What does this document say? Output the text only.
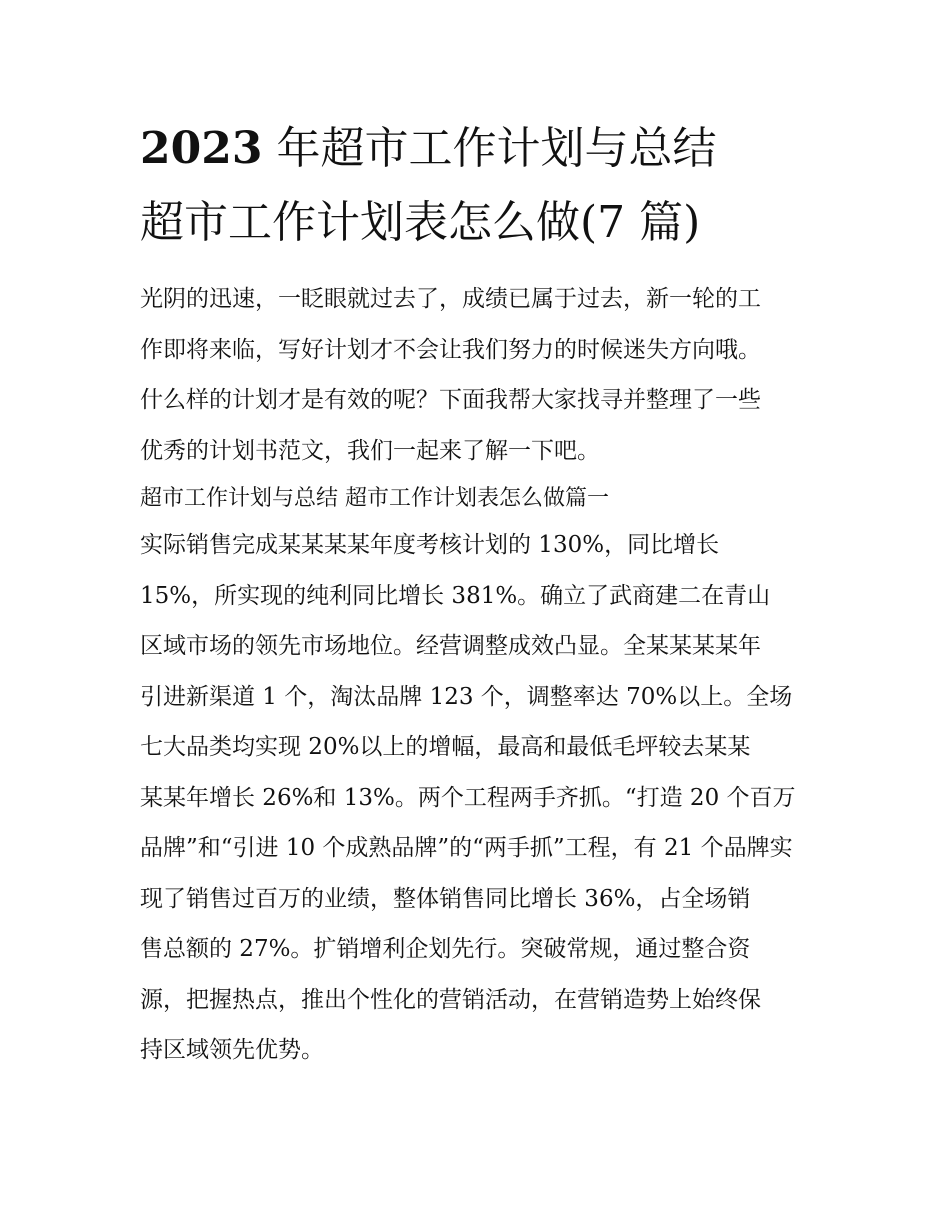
2023 年超市工作计划与总结
超市工作计划表怎么做(7 篇)
光阴的迅速，一眨眼就过去了，成绩已属于过去，新一轮的工
作即将来临，写好计划才不会让我们努力的时候迷失方向哦。
什么样的计划才是有效的呢？下面我帮大家找寻并整理了一些
优秀的计划书范文，我们一起来了解一下吧。
超市工作计划与总结 超市工作计划表怎么做篇一
实际销售完成某某某某年度考核计划的 130%，同比增长
15%，所实现的纯利同比增长 381%。确立了武商建二在青山
区域市场的领先市场地位。经营调整成效凸显。全某某某某年
引进新渠道 1 个，淘汰品牌 123 个，调整率达 70%以上。全场
七大品类均实现 20%以上的增幅，最高和最低毛坪较去某某
某某年增长 26%和 13%。两个工程两手齐抓。“打造 20 个百万
品牌”和“引进 10 个成熟品牌”的“两手抓”工程，有 21 个品牌实
现了销售过百万的业绩，整体销售同比增长 36%，占全场销
售总额的 27%。扩销增利企划先行。突破常规，通过整合资
源，把握热点，推出个性化的营销活动，在营销造势上始终保
持区域领先优势。
